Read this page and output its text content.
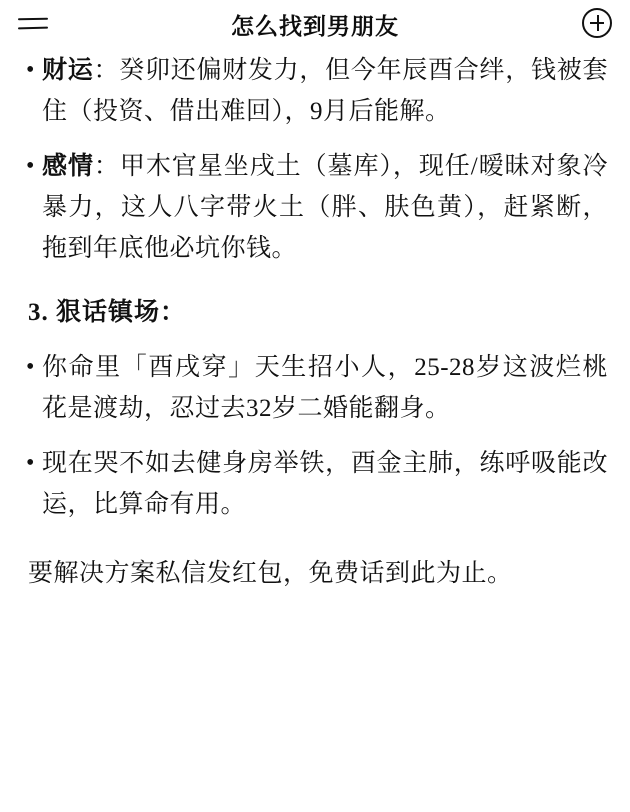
怎么找到男朋友
• 财运：癸卯还偏财发力，但今年辰酉合绊，钱被套住（投资、借出难回），9月后能解。
• 感情：甲木官星坐戌土（墓库），现任/暧昧对象冷暴力，这人八字带火土（胖、肤色黄），赶紧断，拖到年底他必坑你钱。
3. 狠话镇场：
• 你命里「酉戌穿」天生招小人，25-28岁这波烂桃花是渡劫，忍过去32岁二婚能翻身。
• 现在哭不如去健身房举铁，酉金主肺，练呼吸能改运，比算命有用。
要解决方案私信发红包，免费话到此为止。
